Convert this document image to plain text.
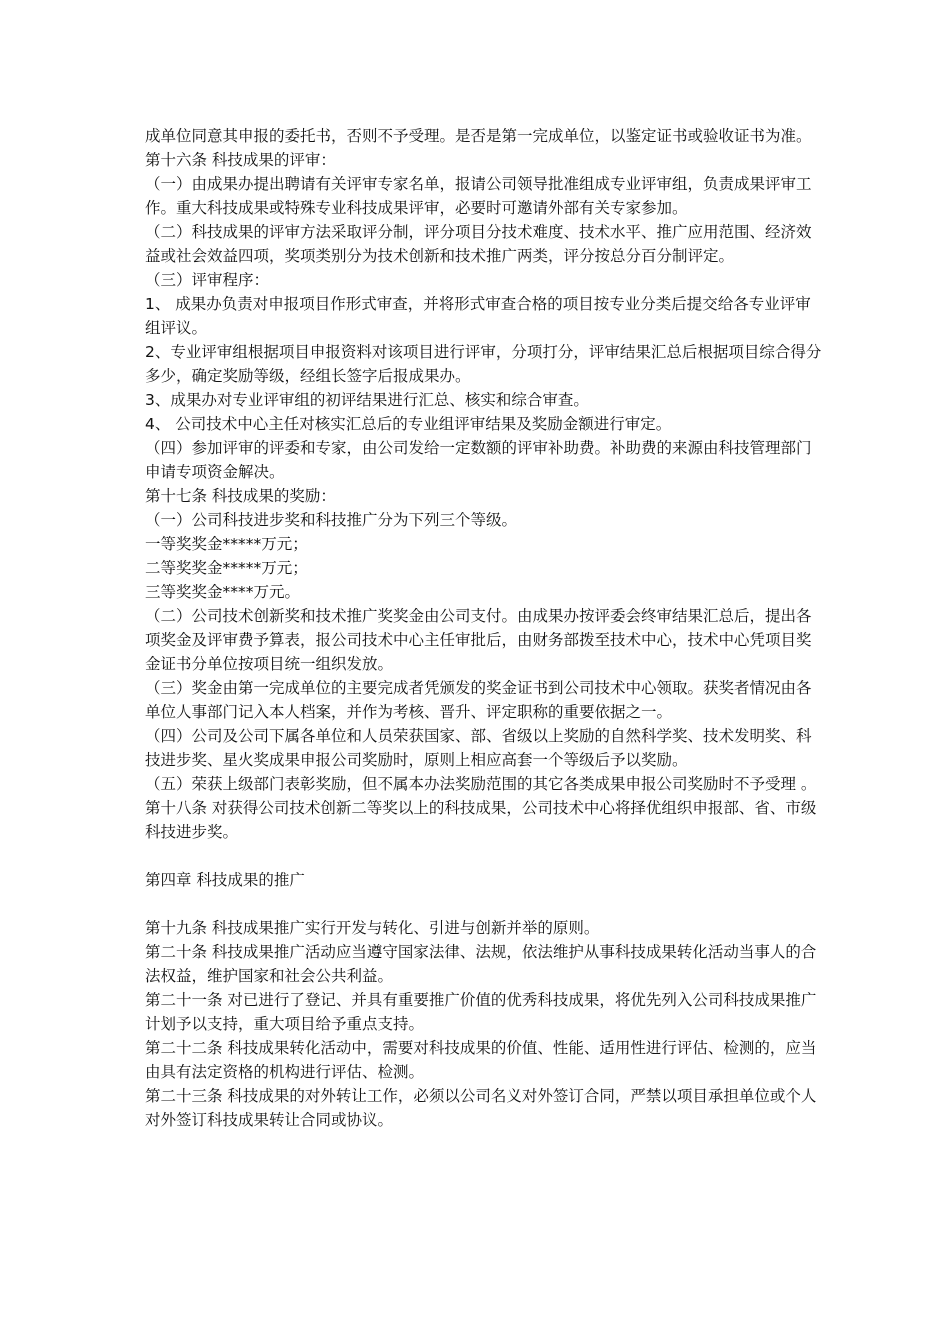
成单位同意其申报的委托书，否则不予受理。是否是第一完成单位，以鉴定证书或验收证书为准。

第十六条 科技成果的评审：

（一）由成果办提出聘请有关评审专家名单，报请公司领导批准组成专业评审组，负责成果评审工作。重大科技成果或特殊专业科技成果评审，必要时可邀请外部有关专家参加。

（二）科技成果的评审方法采取评分制，评分项目分技术难度、技术水平、推广应用范围、经济效益或社会效益四项，奖项类别分为技术创新和技术推广两类，评分按总分百分制评定。

（三）评审程序：

1、 成果办负责对申报项目作形式审查，并将形式审查合格的项目按专业分类后提交给各专业评审组评议。

2、专业评审组根据项目申报资料对该项目进行评审，分项打分，评审结果汇总后根据项目综合得分多少，确定奖励等级，经组长签字后报成果办。

3、成果办对专业评审组的初评结果进行汇总、核实和综合审查。

4、 公司技术中心主任对核实汇总后的专业组评审结果及奖励金额进行审定。

（四）参加评审的评委和专家，由公司发给一定数额的评审补助费。补助费的来源由科技管理部门申请专项资金解决。

第十七条 科技成果的奖励：

（一）公司科技进步奖和科技推广分为下列三个等级。

一等奖奖金*****万元；

二等奖奖金*****万元；

三等奖奖金****万元。

（二）公司技术创新奖和技术推广奖奖金由公司支付。由成果办按评委会终审结果汇总后，提出各项奖金及评审费予算表，报公司技术中心主任审批后，由财务部拨至技术中心，技术中心凭项目奖金证书分单位按项目统一组织发放。

（三）奖金由第一完成单位的主要完成者凭颁发的奖金证书到公司技术中心领取。获奖者情况由各单位人事部门记入本人档案，并作为考核、晋升、评定职称的重要依据之一。

（四）公司及公司下属各单位和人员荣获国家、部、省级以上奖励的自然科学奖、技术发明奖、科技进步奖、星火奖成果申报公司奖励时，原则上相应高套一个等级后予以奖励。

（五）荣获上级部门表彰奖励，但不属本办法奖励范围的其它各类成果申报公司奖励时不予受理 。

第十八条 对获得公司技术创新二等奖以上的科技成果，公司技术中心将择优组织申报部、省、市级科技进步奖。

第四章 科技成果的推广

第十九条 科技成果推广实行开发与转化、引进与创新并举的原则。

第二十条 科技成果推广活动应当遵守国家法律、法规，依法维护从事科技成果转化活动当事人的合法权益，维护国家和社会公共利益。

第二十一条 对已进行了登记、并具有重要推广价值的优秀科技成果，将优先列入公司科技成果推广计划予以支持，重大项目给予重点支持。

第二十二条 科技成果转化活动中，需要对科技成果的价值、性能、适用性进行评估、检测的，应当由具有法定资格的机构进行评估、检测。

第二十三条 科技成果的对外转让工作，必须以公司名义对外签订合同，严禁以项目承担单位或个人对外签订科技成果转让合同或协议。
